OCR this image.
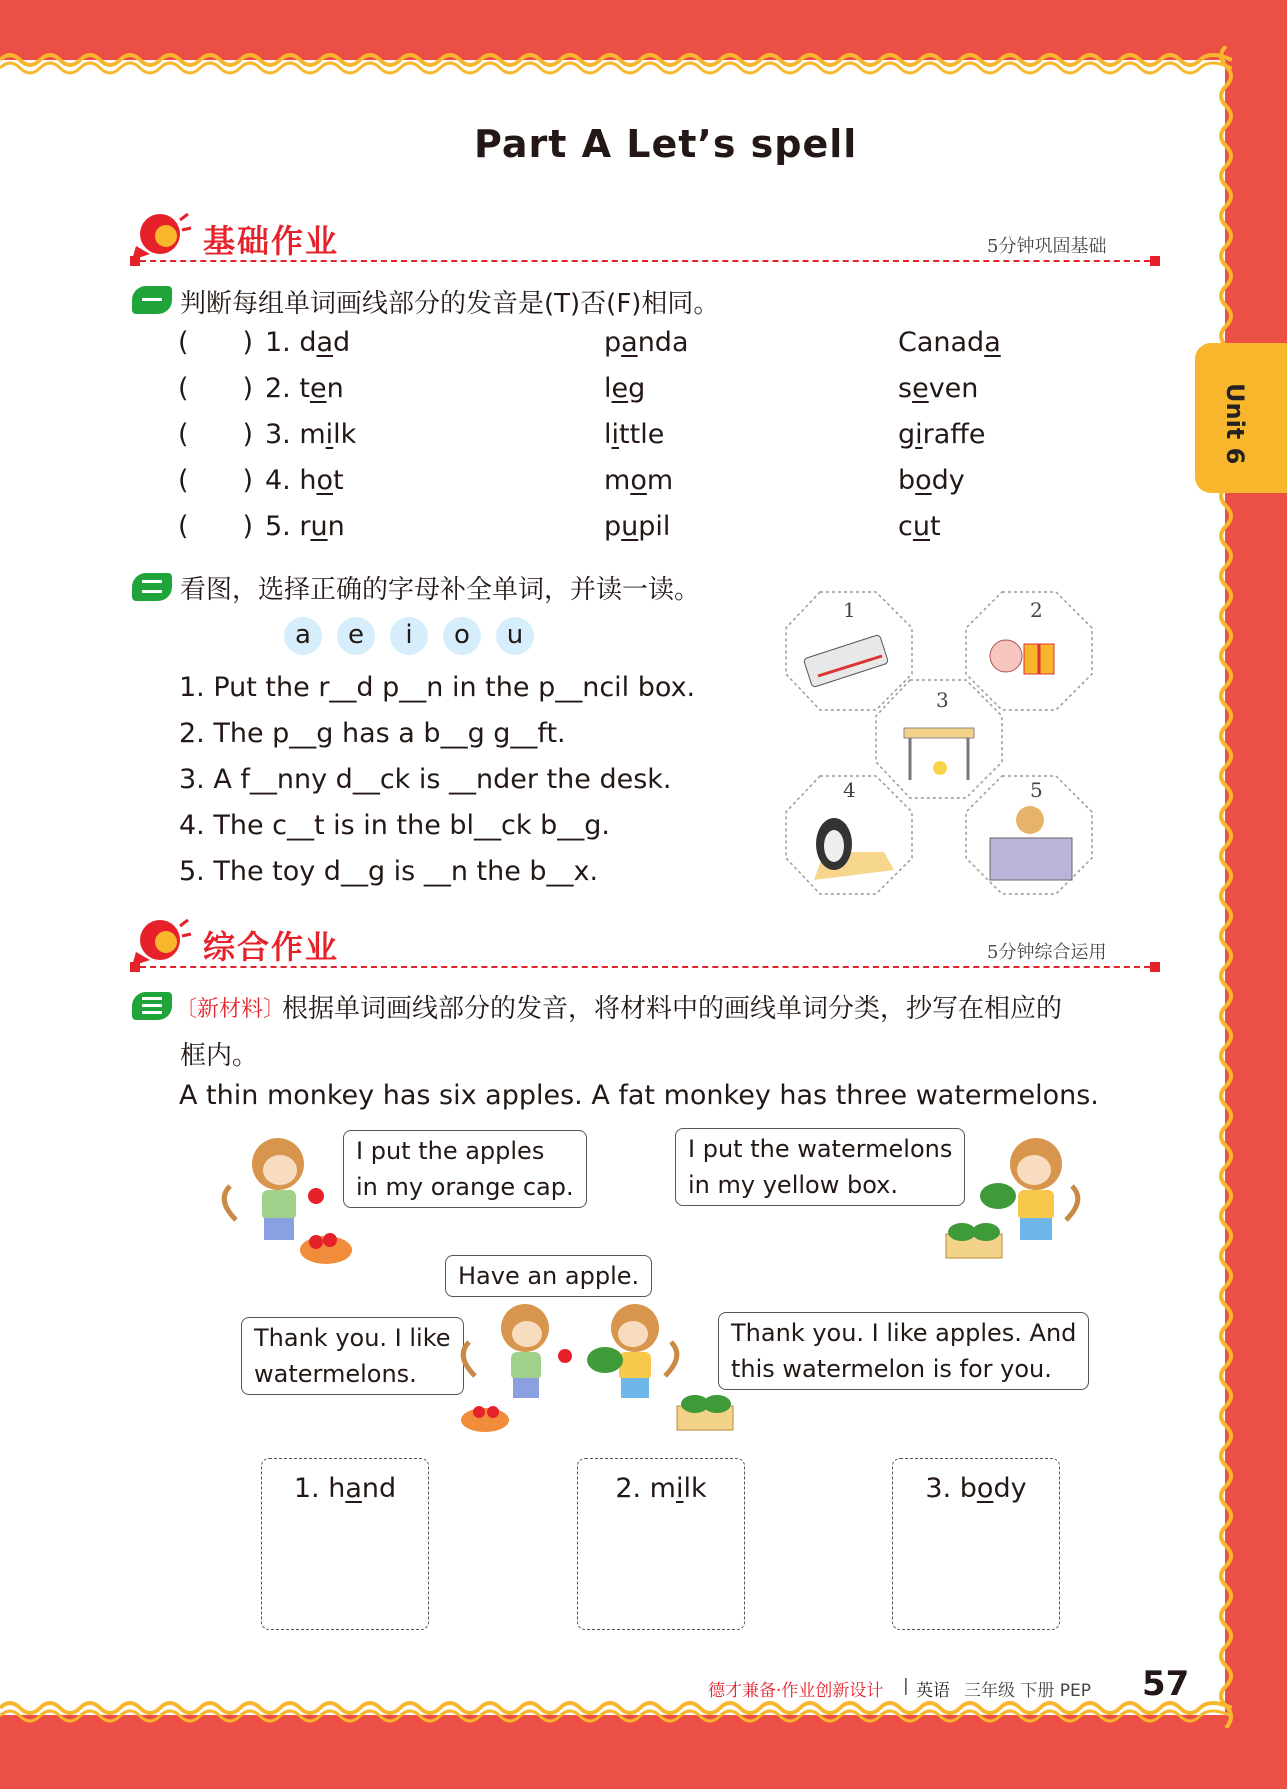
Unit 6
Part A Let’s spell
基础作业	5分钟巩固基础
判断每组单词画线部分的发音是(T)否(F)相同。
(  ) 1. dad	panda	Canada
(  ) 2. ten	leg	seven
(  ) 3. milk	little	giraffe
(  ) 4. hot	mom	body
(  ) 5. run	pupil	cut
看图，选择正确的字母补全单词，并读一读。
a	e	i	o	u
1. Put the r__d p__n in the p__ncil box.
2. The p__g has a b__g g__ft.
3. A f__nny d__ck is __nder the desk.
4. The c__t is in the bl__ck b__g.
5. The toy d__g is __n the b__x.
1	2
3
4	5
综合作业	5分钟综合运用
〔新材料〕
根据单词画线部分的发音，将材料中的画线单词分类，抄写在相应的
框内。
A thin monkey has six apples. A fat monkey has three watermelons.
I put the apples
in my orange cap.
I put the watermelons
in my yellow box.
Have an apple.
Thank you. I like
watermelons.
Thank you. I like apples. And
this watermelon is for you.
1. hand	2. milk	3. body
德才兼备·作业创新设计 | 英语 三年级 下册 PEP 57
